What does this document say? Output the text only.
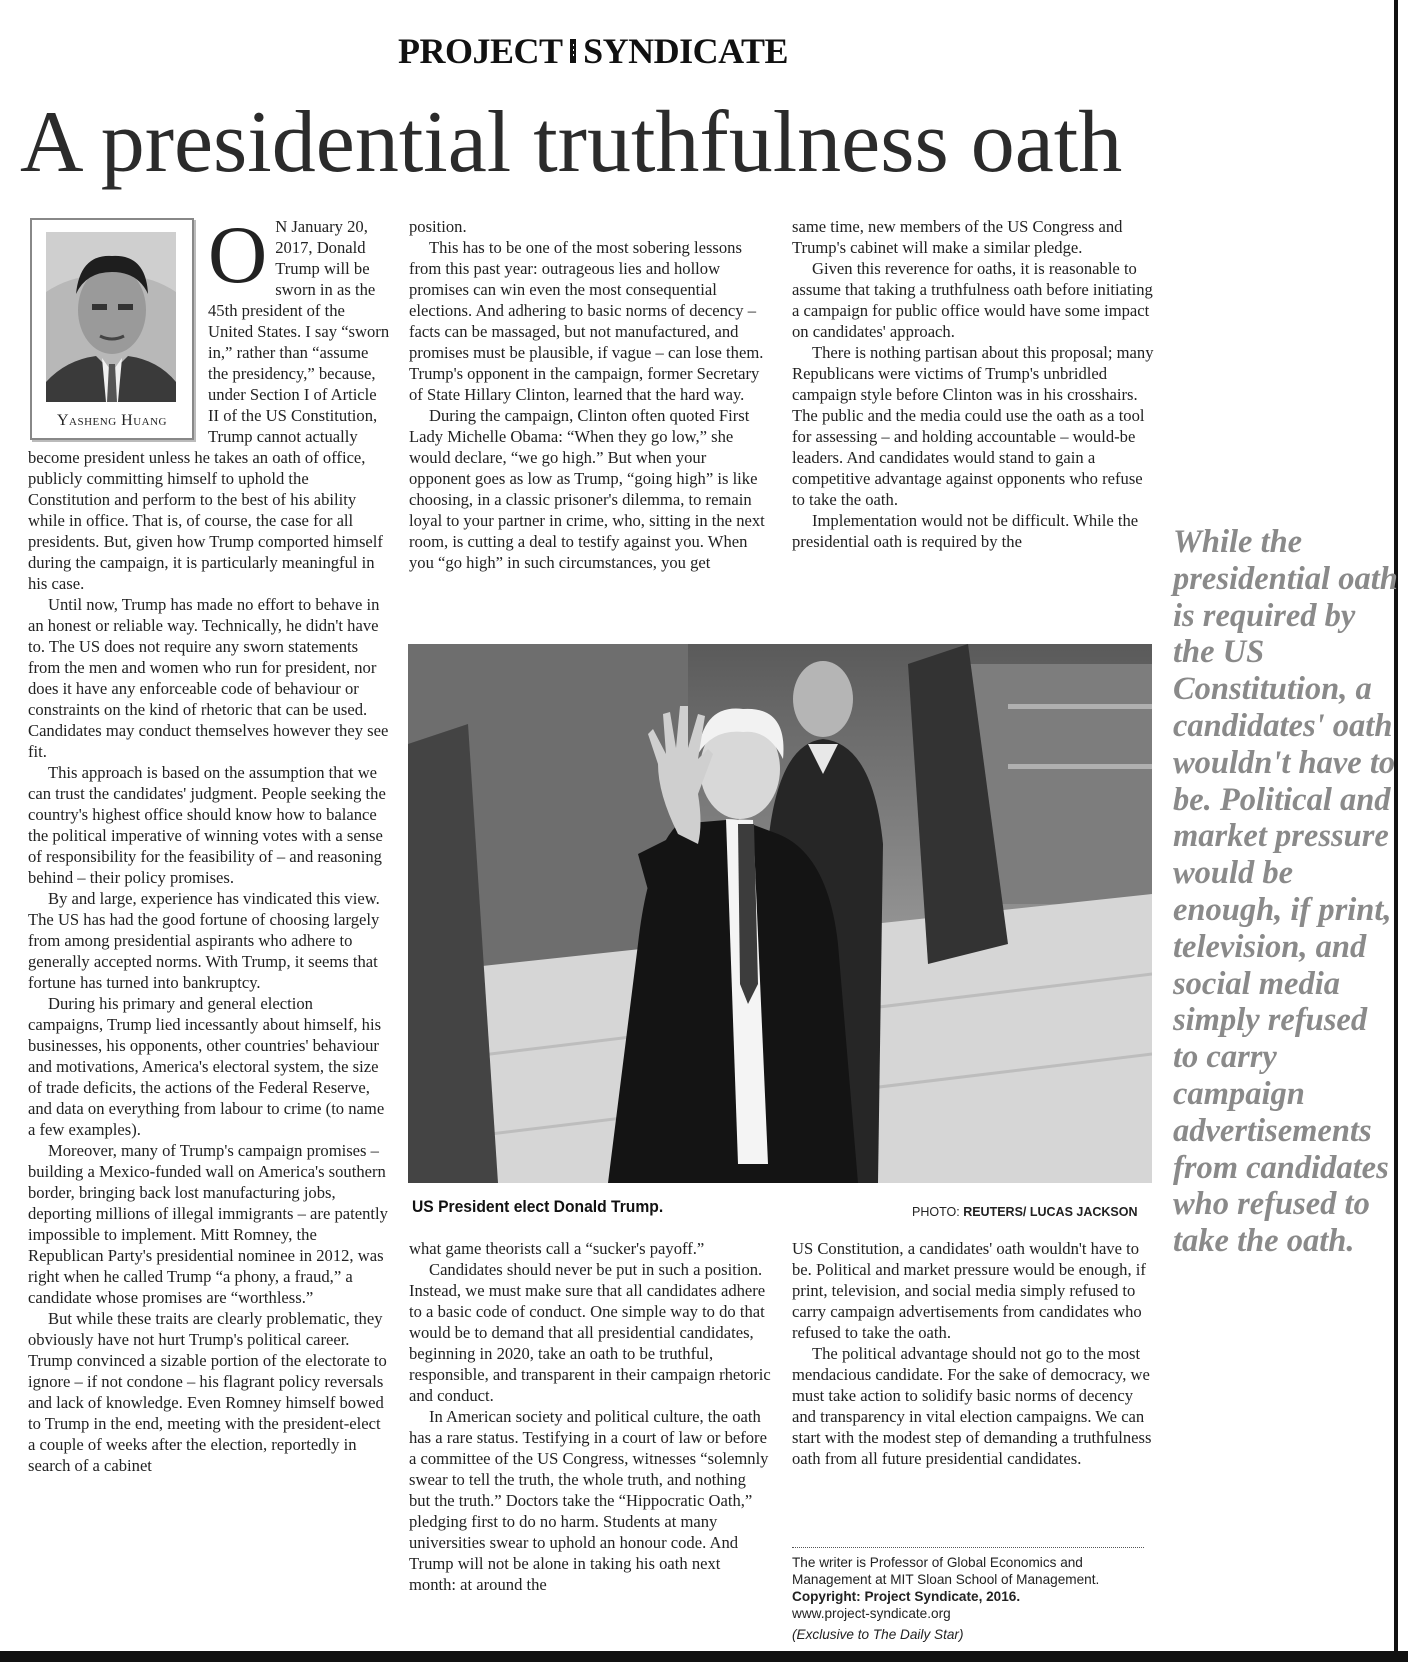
PROJECT SYNDICATE
A presidential truthfulness oath
Yasheng Huang
O N January 20, 2017, Donald Trump will be sworn in as the 45th president of the United States. I say “sworn in,” rather than “assume the presidency,” because, under Section I of Article II of the US Constitution, Trump cannot actually become president unless he takes an oath of office, publicly committing himself to uphold the Constitution and perform to the best of his ability while in office. That is, of course, the case for all presidents. But, given how Trump comported himself during the campaign, it is particularly meaningful in his case.

Until now, Trump has made no effort to behave in an honest or reliable way. Technically, he didn't have to. The US does not require any sworn statements from the men and women who run for president, nor does it have any enforceable code of behaviour or constraints on the kind of rhetoric that can be used. Candidates may conduct themselves however they see fit.

This approach is based on the assumption that we can trust the candidates' judgment. People seeking the country's highest office should know how to balance the political imperative of winning votes with a sense of responsibility for the feasibility of – and reasoning behind – their policy promises.

By and large, experience has vindicated this view. The US has had the good fortune of choosing largely from among presidential aspirants who adhere to generally accepted norms. With Trump, it seems that fortune has turned into bankruptcy.

During his primary and general election campaigns, Trump lied incessantly about himself, his businesses, his opponents, other countries' behaviour and motivations, America's electoral system, the size of trade deficits, the actions of the Federal Reserve, and data on everything from labour to crime (to name a few examples).

Moreover, many of Trump's campaign promises – building a Mexico-funded wall on America's southern border, bringing back lost manufacturing jobs, deporting millions of illegal immigrants – are patently impossible to implement. Mitt Romney, the Republican Party's presidential nominee in 2012, was right when he called Trump “a phony, a fraud,” a candidate whose promises are “worthless.”

But while these traits are clearly problematic, they obviously have not hurt Trump's political career. Trump convinced a sizable portion of the electorate to ignore – if not condone – his flagrant policy reversals and lack of knowledge. Even Romney himself bowed to Trump in the end, meeting with the president-elect a couple of weeks after the election, reportedly in search of a cabinet

position.

This has to be one of the most sobering lessons from this past year: outrageous lies and hollow promises can win even the most consequential elections. And adhering to basic norms of decency – facts can be massaged, but not manufactured, and promises must be plausible, if vague – can lose them. Trump's opponent in the campaign, former Secretary of State Hillary Clinton, learned that the hard way.

During the campaign, Clinton often quoted First Lady Michelle Obama: “When they go low,” she would declare, “we go high.” But when your opponent goes as low as Trump, “going high” is like choosing, in a classic prisoner's dilemma, to remain loyal to your partner in crime, who, sitting in the next room, is cutting a deal to testify against you. When you “go high” in such circumstances, you get

same time, new members of the US Congress and Trump's cabinet will make a similar pledge.

Given this reverence for oaths, it is reasonable to assume that taking a truthfulness oath before initiating a campaign for public office would have some impact on candidates' approach.

There is nothing partisan about this proposal; many Republicans were victims of Trump's unbridled campaign style before Clinton was in his crosshairs. The public and the media could use the oath as a tool for assessing – and holding accountable – would-be leaders. And candidates would stand to gain a competitive advantage against opponents who refuse to take the oath.

Implementation would not be difficult. While the presidential oath is required by the

US President elect Donald Trump.	PHOTO: REUTERS/ LUCAS JACKSON

what game theorists call a “sucker's payoff.”

Candidates should never be put in such a position. Instead, we must make sure that all candidates adhere to a basic code of conduct. One simple way to do that would be to demand that all presidential candidates, beginning in 2020, take an oath to be truthful, responsible, and transparent in their campaign rhetoric and conduct.

In American society and political culture, the oath has a rare status. Testifying in a court of law or before a committee of the US Congress, witnesses “solemnly swear to tell the truth, the whole truth, and nothing but the truth.” Doctors take the “Hippocratic Oath,” pledging first to do no harm. Students at many universities swear to uphold an honour code. And Trump will not be alone in taking his oath next month: at around the

US Constitution, a candidates' oath wouldn't have to be. Political and market pressure would be enough, if print, television, and social media simply refused to carry campaign advertisements from candidates who refused to take the oath.

The political advantage should not go to the most mendacious candidate. For the sake of democracy, we must take action to solidify basic norms of decency and transparency in vital election campaigns. We can start with the modest step of demanding a truthfulness oath from all future presidential candidates.

The writer is Professor of Global Economics and Management at MIT Sloan School of Management.
Copyright: Project Syndicate, 2016.
www.project-syndicate.org
(Exclusive to The Daily Star)
While the presidential oath is required by the US Constitution, a candidates' oath wouldn't have to be. Political and market pressure would be enough, if print, television, and social media simply refused to carry campaign advertisements from candidates who refused to take the oath.
